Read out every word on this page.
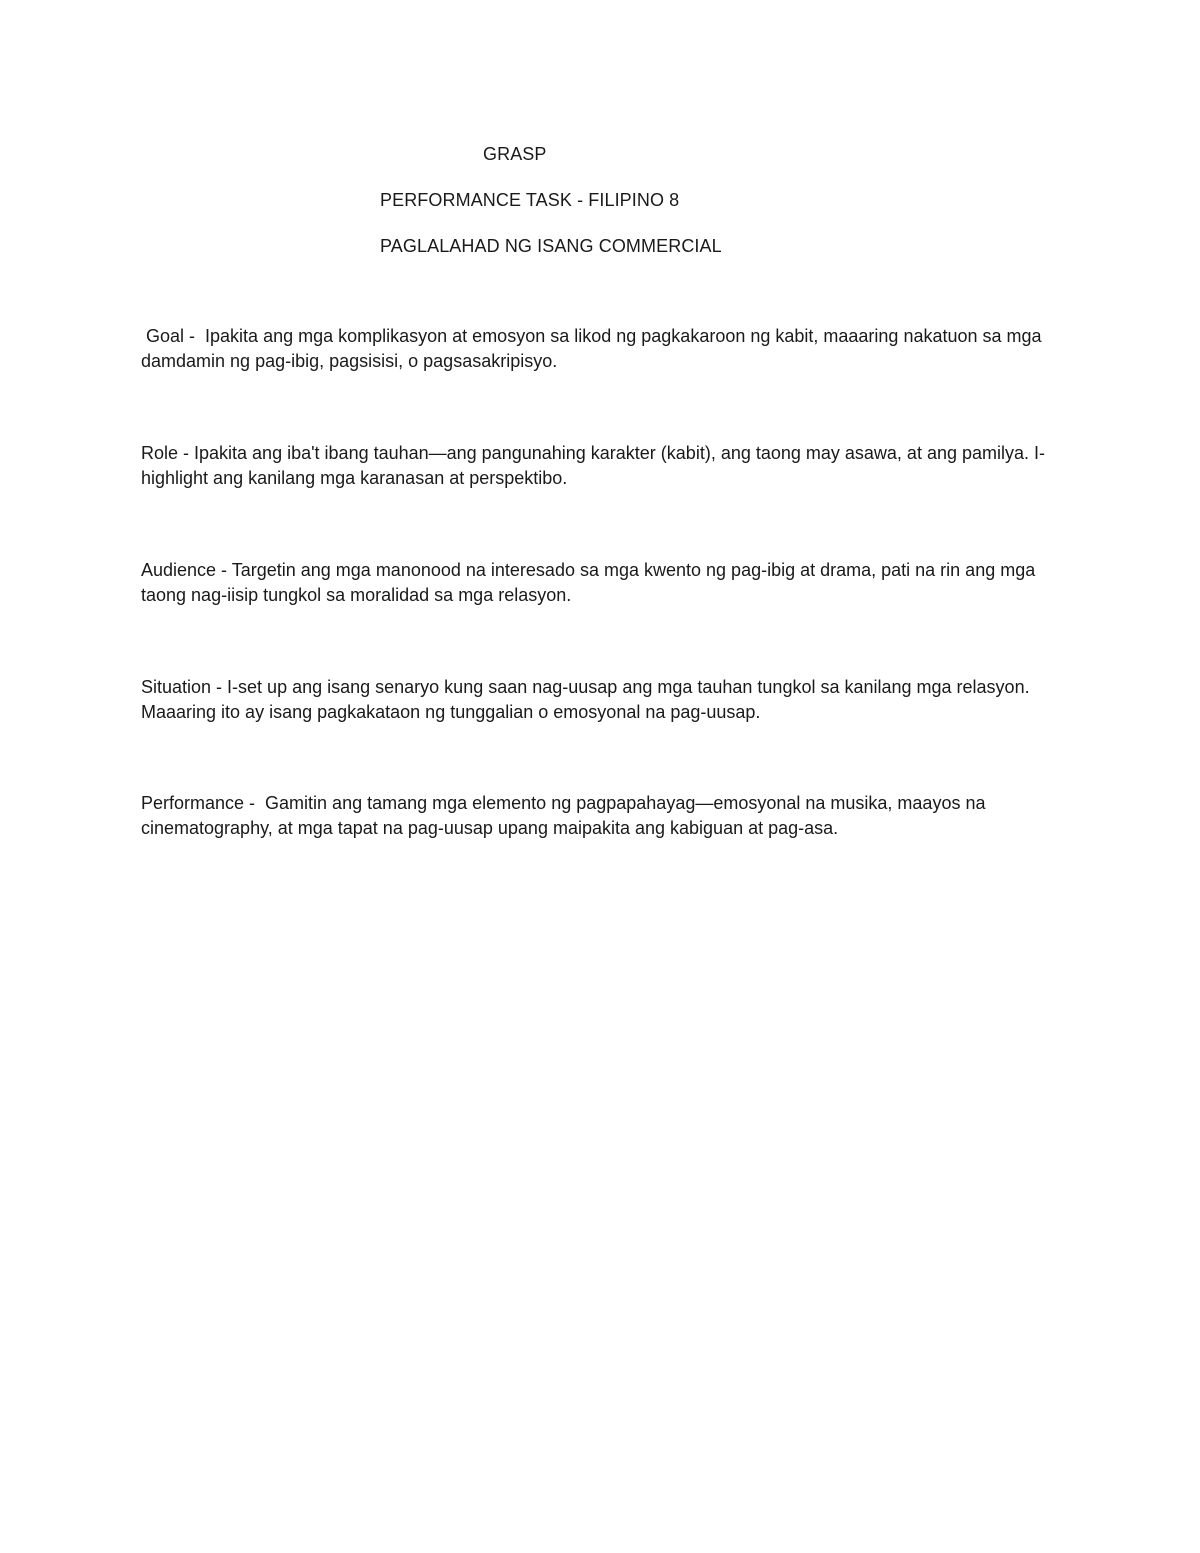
GRASP
PERFORMANCE TASK - FILIPINO 8
PAGLALAHAD NG ISANG COMMERCIAL
Goal -  Ipakita ang mga komplikasyon at emosyon sa likod ng pagkakaroon ng kabit, maaaring nakatuon sa mga damdamin ng pag-ibig, pagsisisi, o pagsasakripisyo.
Role - Ipakita ang iba't ibang tauhan—ang pangunahing karakter (kabit), ang taong may asawa, at ang pamilya. I-highlight ang kanilang mga karanasan at perspektibo.
Audience - Targetin ang mga manonood na interesado sa mga kwento ng pag-ibig at drama, pati na rin ang mga taong nag-iisip tungkol sa moralidad sa mga relasyon.
Situation - I-set up ang isang senaryo kung saan nag-uusap ang mga tauhan tungkol sa kanilang mga relasyon. Maaaring ito ay isang pagkakataon ng tunggalian o emosyonal na pag-uusap.
Performance -  Gamitin ang tamang mga elemento ng pagpapahayag—emosyonal na musika, maayos na cinematography, at mga tapat na pag-uusap upang maipakita ang kabiguan at pag-asa.
